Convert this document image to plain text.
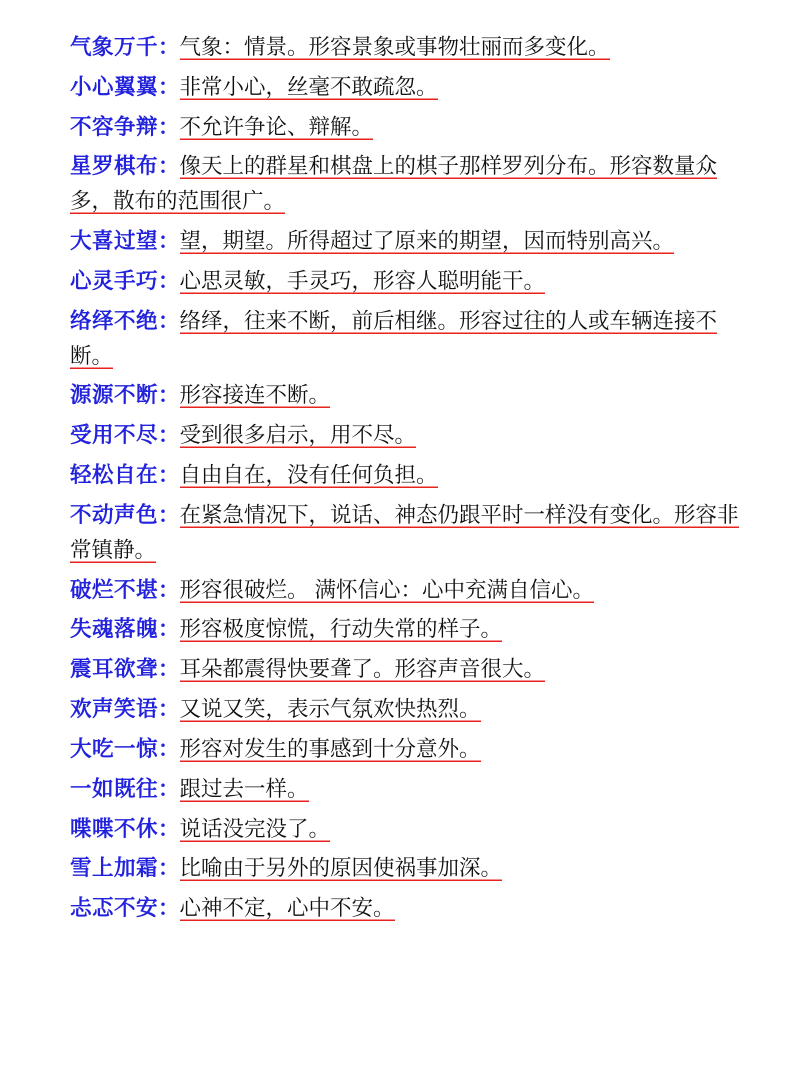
气象万千：气象：情景。形容景象或事物壮丽而多变化。

小心翼翼：非常小心，丝毫不敢疏忽。

不容争辩：不允许争论、辩解。

星罗棋布：像天上的群星和棋盘上的棋子那样罗列分布。形容数量众多，散布的范围很广。

大喜过望：望，期望。所得超过了原来的期望，因而特别高兴。

心灵手巧：心思灵敏，手灵巧，形容人聪明能干。

络绎不绝：络绎，往来不断，前后相继。形容过往的人或车辆连接不断。

源源不断：形容接连不断。

受用不尽：受到很多启示，用不尽。

轻松自在：自由自在，没有任何负担。

不动声色：在紧急情况下，说话、神态仍跟平时一样没有变化。形容非常镇静。

破烂不堪：形容很破烂。 满怀信心：心中充满自信心。

失魂落魄：形容极度惊慌，行动失常的样子。

震耳欲聋：耳朵都震得快要聋了。形容声音很大。

欢声笑语：又说又笑，表示气氛欢快热烈。

大吃一惊：形容对发生的事感到十分意外。

一如既往：跟过去一样。

喋喋不休：说话没完没了。

雪上加霜：比喻由于另外的原因使祸事加深。

忐忑不安：心神不定，心中不安。
